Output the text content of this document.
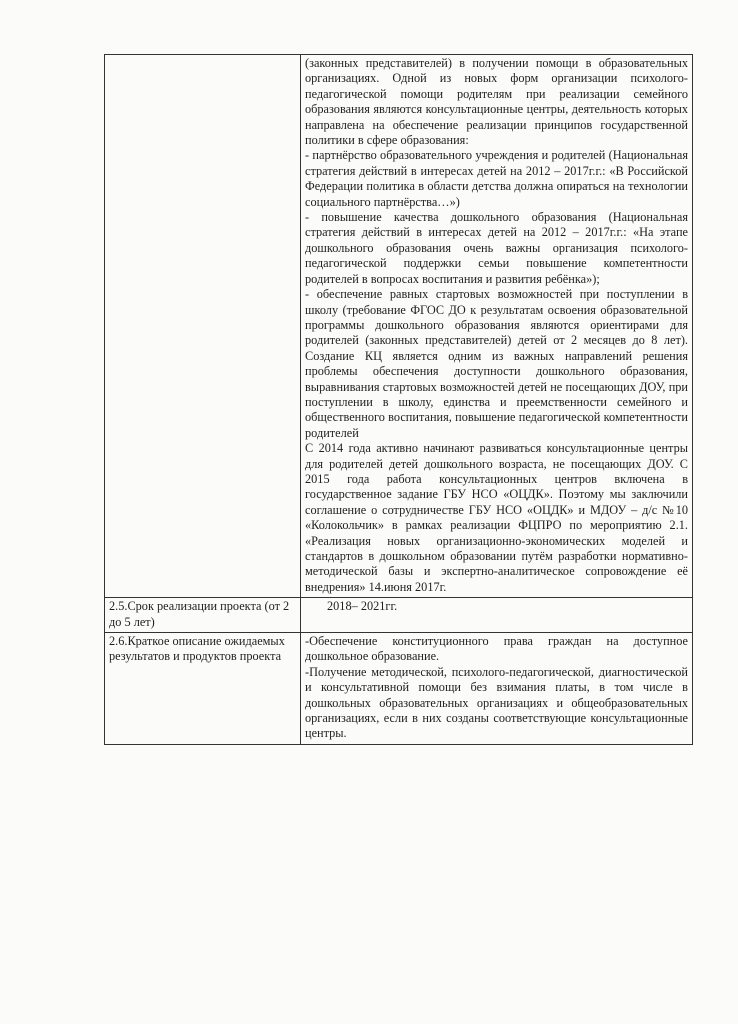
	(законных представителей) в получении помощи в образовательных организациях. Одной из новых форм организации психолого-педагогической помощи родителям при реализации семейного образования являются консультационные центры, деятельность которых направлена на обеспечение реализации принципов государственной политики в сфере образования:

- партнёрство образовательного учреждения и родителей (Национальная стратегия действий в интересах детей на 2012 – 2017г.г.: «В Российской Федерации политика в области детства должна опираться на технологии социального партнёрства…»)

- повышение качества дошкольного образования (Национальная стратегия действий в интересах детей на 2012 – 2017г.г.: «На этапе дошкольного образования очень важны организация психолого-педагогической поддержки семьи повышение компетентности родителей в вопросах воспитания и развития ребёнка»);

- обеспечение равных стартовых возможностей при поступлении в школу (требование ФГОС ДО к результатам освоения образовательной программы дошкольного образования являются ориентирами для родителей (законных представителей) детей от 2 месяцев до 8 лет). Создание КЦ является одним из важных направлений решения проблемы обеспечения доступности дошкольного образования, выравнивания стартовых возможностей детей не посещающих ДОУ, при поступлении в школу, единства и преемственности семейного и общественного воспитания, повышение педагогической компетентности родителей

С 2014 года активно начинают развиваться консультационные центры для родителей детей дошкольного возраста, не посещающих ДОУ. С 2015 года работа консультационных центров включена в государственное задание ГБУ НСО «ОЦДК». Поэтому мы заключили соглашение о сотрудничестве ГБУ НСО «ОЦДК» и МДОУ – д/с №10 «Колокольчик» в рамках реализации ФЦПРО по мероприятию 2.1. «Реализация новых организационно-экономических моделей и стандартов в дошкольном образовании путём разработки нормативно-методической базы и экспертно-аналитическое сопровождение её внедрения» 14.июня 2017г.

2.5.Срок реализации проекта (от 2 до 5 лет)	2018– 2021гг.
2.6.Краткое описание ожидаемых результатов и продуктов проекта	-Обеспечение конституционного права граждан на доступное дошкольное образование.

-Получение методической, психолого-педагогической, диагностической и консультативной помощи без взимания платы, в том числе в дошкольных образовательных организациях и общеобразовательных организациях, если в них созданы соответствующие консультационные центры.
